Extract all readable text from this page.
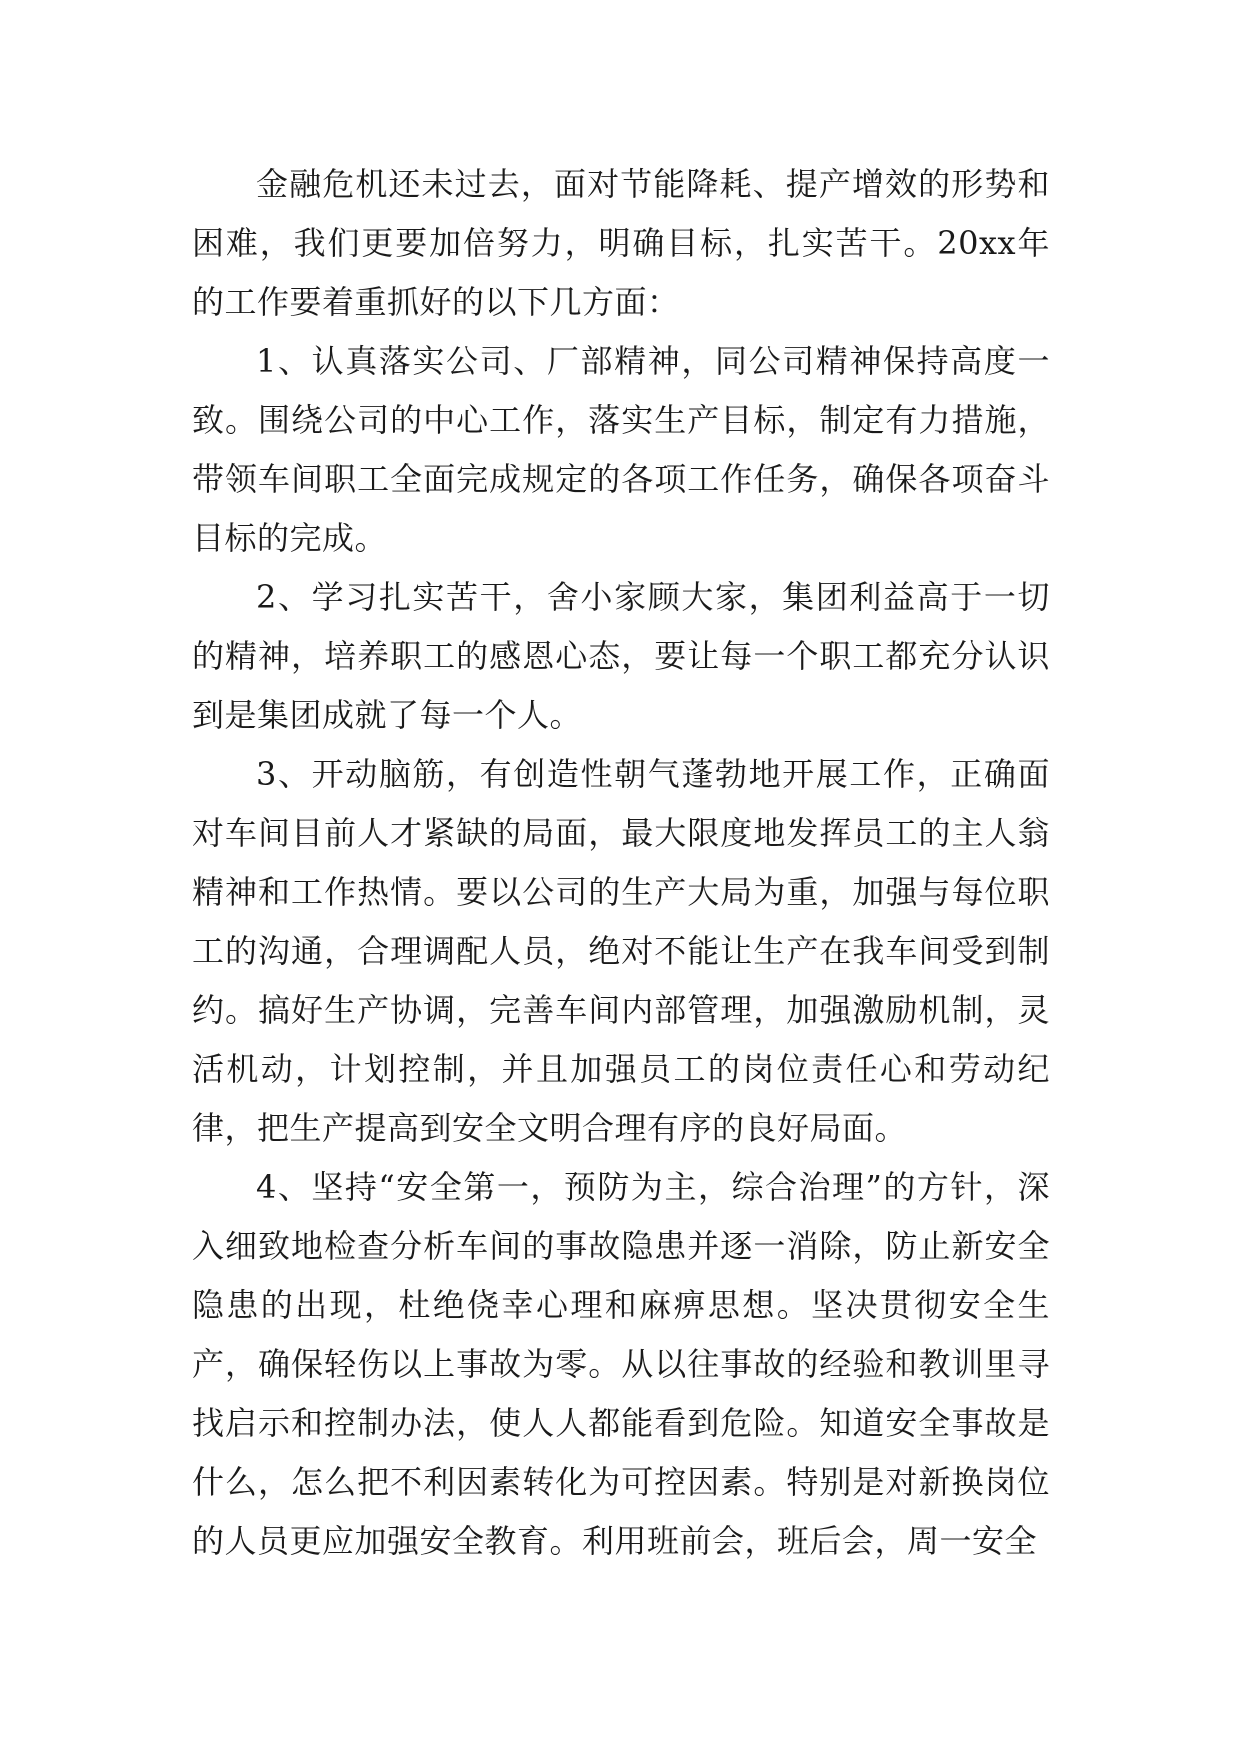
金融危机还未过去，面对节能降耗、提产增效的形势和困难，我们更要加倍努力，明确目标，扎实苦干。20xx年的工作要着重抓好的以下几方面：

1、认真落实公司、厂部精神，同公司精神保持高度一致。围绕公司的中心工作，落实生产目标，制定有力措施，带领车间职工全面完成规定的各项工作任务，确保各项奋斗目标的完成。

2、学习扎实苦干，舍小家顾大家，集团利益高于一切的精神，培养职工的感恩心态，要让每一个职工都充分认识到是集团成就了每一个人。

3、开动脑筋，有创造性朝气蓬勃地开展工作，正确面对车间目前人才紧缺的局面，最大限度地发挥员工的主人翁精神和工作热情。要以公司的生产大局为重，加强与每位职工的沟通，合理调配人员，绝对不能让生产在我车间受到制约。搞好生产协调，完善车间内部管理，加强激励机制，灵活机动，计划控制，并且加强员工的岗位责任心和劳动纪律，把生产提高到安全文明合理有序的良好局面。

4、坚持“安全第一，预防为主，综合治理”的方针，深入细致地检查分析车间的事故隐患并逐一消除，防止新安全隐患的出现，杜绝侥幸心理和麻痹思想。坚决贯彻安全生产，确保轻伤以上事故为零。从以往事故的经验和教训里寻找启示和控制办法，使人人都能看到危险。知道安全事故是什么，怎么把不利因素转化为可控因素。特别是对新换岗位的人员更应加强安全教育。利用班前会，班后会，周一安全
